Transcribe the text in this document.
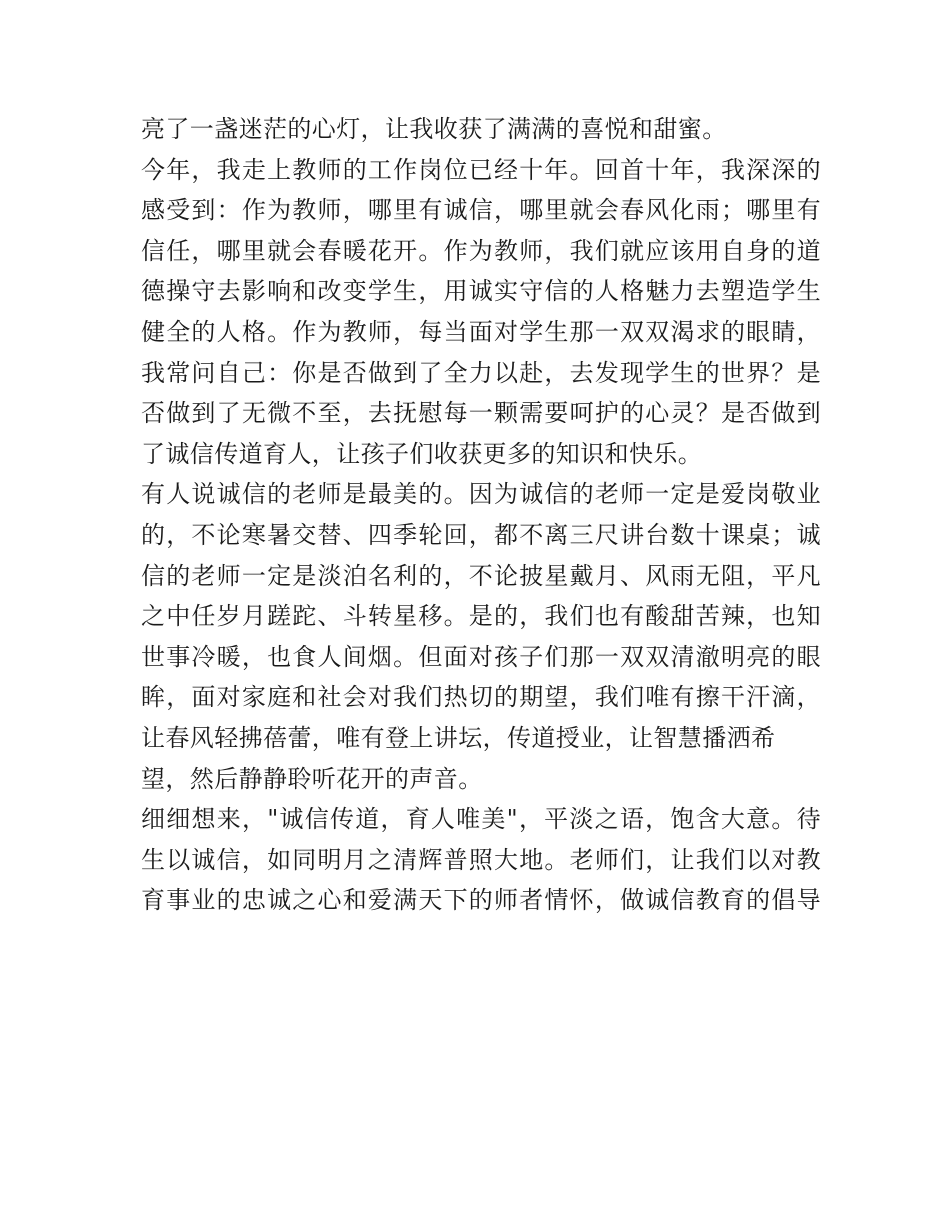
亮了一盏迷茫的心灯，让我收获了满满的喜悦和甜蜜。
今年，我走上教师的工作岗位已经十年。回首十年，我深深的
感受到：作为教师，哪里有诚信，哪里就会春风化雨；哪里有
信任，哪里就会春暖花开。作为教师，我们就应该用自身的道
德操守去影响和改变学生，用诚实守信的人格魅力去塑造学生
健全的人格。作为教师，每当面对学生那一双双渴求的眼睛，
我常问自己：你是否做到了全力以赴，去发现学生的世界？是
否做到了无微不至，去抚慰每一颗需要呵护的心灵？是否做到
了诚信传道育人，让孩子们收获更多的知识和快乐。
有人说诚信的老师是最美的。因为诚信的老师一定是爱岗敬业
的，不论寒暑交替、四季轮回，都不离三尺讲台数十课桌；诚
信的老师一定是淡泊名利的，不论披星戴月、风雨无阻，平凡
之中任岁月蹉跎、斗转星移。是的，我们也有酸甜苦辣，也知
世事冷暖，也食人间烟。但面对孩子们那一双双清澈明亮的眼
眸，面对家庭和社会对我们热切的期望，我们唯有擦干汗滴，
让春风轻拂蓓蕾，唯有登上讲坛，传道授业，让智慧播洒希
望，然后静静聆听花开的声音。
细细想来，"诚信传道，育人唯美"，平淡之语，饱含大意。待
生以诚信，如同明月之清辉普照大地。老师们，让我们以对教
育事业的忠诚之心和爱满天下的师者情怀，做诚信教育的倡导
